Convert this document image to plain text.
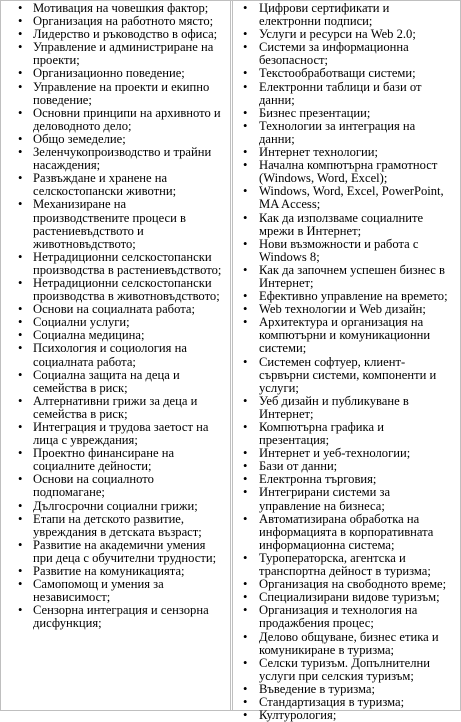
• Мотивация на човешкия фактор;
• Организация на работното място;
• Лидерство и ръководство в офиса;
• Управление и администриране на проекти;
• Организационно поведение;
• Управление на проекти и екипно поведение;
• Основни принципи на архивното и деловодното дело;
• Общо земеделие;
• Зеленчукопроизводство и трайни насаждения;
• Развъждане и хранене на селскостопански животни;
• Механизиране на производствените процеси в растениевъдството и животновъдството;
• Нетрадиционни селскостопански производства в растениевъдството;
• Нетрадиционни селскостопански производства в животновъдството;
• Основи на социалната работа;
• Социални услуги;
• Социална медицина;
• Психология и социология на социалната работа;
• Социална защита на деца и семейства в риск;
• Алтернативни грижи за деца и семейства в риск;
• Интеграция и трудова заетост на лица с увреждания;
• Проектно финансиране на социалните дейности;
• Основи на социалното подпомагане;
• Дългосрочни социални грижи;
• Етапи на детското развитие, увреждания в детската възраст;
• Развитие на академични умения при деца с обучителни трудности;
• Развитие на комуникацията;
• Самопомощ и умения за независимост;
• Сензорна интеграция и сензорна дисфункция;
• Цифрови сертификати и електронни подписи;
• Услуги и ресурси на Web 2.0;
• Системи за информационна безопасност;
• Текстообработващи системи;
• Електронни таблици и бази от данни;
• Бизнес презентации;
• Технологии за интеграция на данни;
• Интернет технологии;
• Начална компютърна грамотност (Windows, Word, Excel);
• Windows, Word, Excel, PowerPoint, MA Access;
• Как да използваме социалните мрежи в Интернет;
• Нови възможности и работа с Windows 8;
• Как да започнем успешен бизнес в Интернет;
• Ефективно управление на времето;
• Web технологии и Web дизайн;
• Архитектура и организация на компютърни и комуникационни системи;
• Системен софтуер, клиент-сървърни системи, компоненти и услуги;
• Уеб дизайн и публикуване в Интернет;
• Компютърна графика и презентация;
• Интернет и уеб-технологии;
• Бази от данни;
• Електронна търговия;
• Интегрирани системи за управление на бизнеса;
• Автоматизирана обработка на информацията в корпоративната информационна система;
• Туроператорска, агентска и транспортна дейност в туризма;
• Организация на свободното време;
• Специализирани видове туризъм;
• Организация и технология на продажбения процес;
• Делово общуване, бизнес етика и комуникиране в туризма;
• Селски туризъм. Допълнителни услуги при селския туризъм;
• Въведение в туризма;
• Стандартизация в туризма;
• Културология;
